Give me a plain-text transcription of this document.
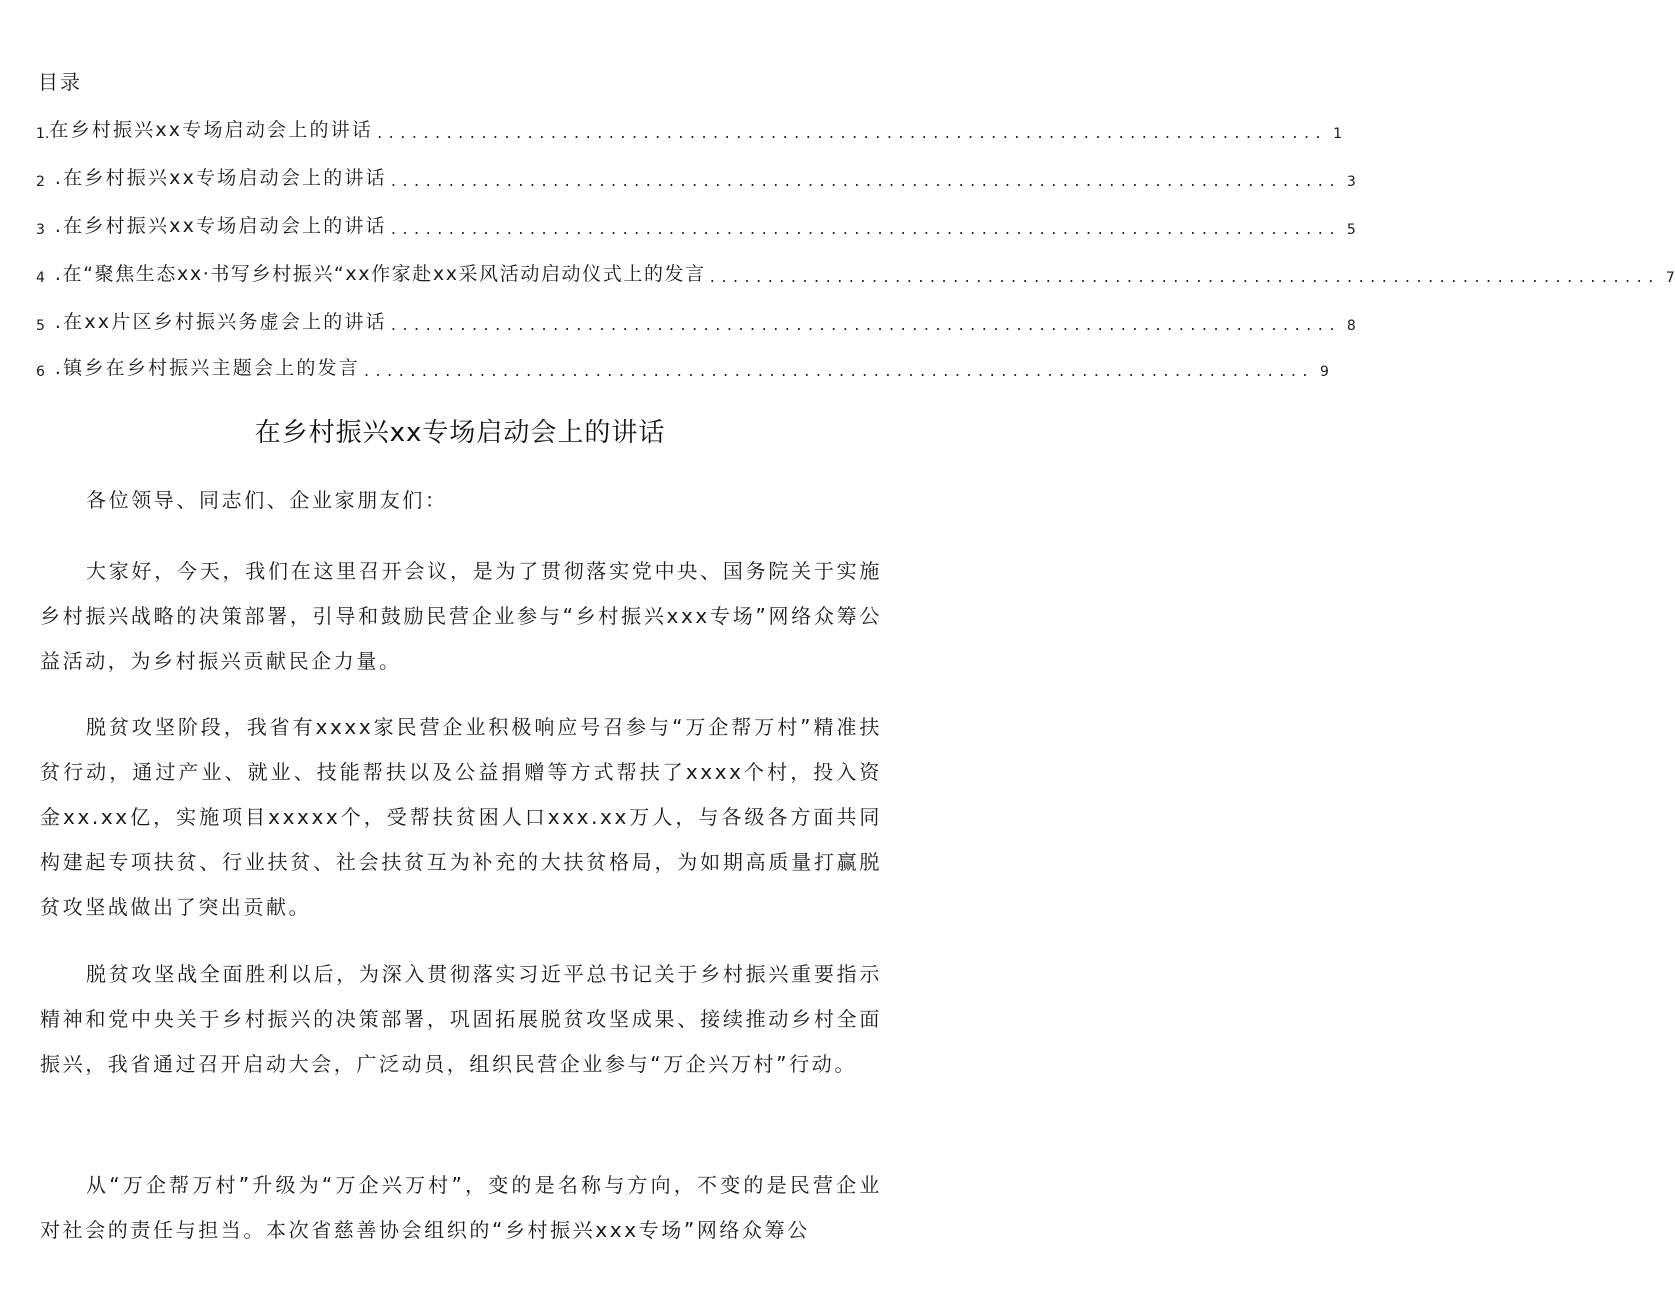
目录
1. 在乡村振兴xx专场启动会上的讲话 .................................................................................. 1
2 .在乡村振兴xx专场启动会上的讲话 .................................................................................. 3
3 .在乡村振兴xx专场启动会上的讲话 .................................................................................. 5
4 .在“聚焦生态xx·书写乡村振兴“xx作家赴xx采风活动启动仪式上的发言 .................................................................................. 7
5 .在xx片区乡村振兴务虚会上的讲话 .................................................................................. 8
6 .镇乡在乡村振兴主题会上的发言 .................................................................................. 9
在乡村振兴xx专场启动会上的讲话

各位领导、同志们、企业家朋友们：

大家好，今天，我们在这里召开会议，是为了贯彻落实党中央、国务院关于实施乡村振兴战略的决策部署，引导和鼓励民营企业参与“乡村振兴xxx专场”网络众筹公益活动，为乡村振兴贡献民企力量。

脱贫攻坚阶段，我省有xxxx家民营企业积极响应号召参与“万企帮万村”精准扶贫行动，通过产业、就业、技能帮扶以及公益捐赠等方式帮扶了xxxx个村，投入资金xx.xx亿，实施项目xxxxx个，受帮扶贫困人口xxx.xx万人，与各级各方面共同构建起专项扶贫、行业扶贫、社会扶贫互为补充的大扶贫格局，为如期高质量打赢脱贫攻坚战做出了突出贡献。

脱贫攻坚战全面胜利以后，为深入贯彻落实习近平总书记关于乡村振兴重要指示精神和党中央关于乡村振兴的决策部署，巩固拓展脱贫攻坚成果、接续推动乡村全面振兴，我省通过召开启动大会，广泛动员，组织民营企业参与“万企兴万村”行动。

从“万企帮万村”升级为“万企兴万村”，变的是名称与方向，不变的是民营企业对社会的责任与担当。本次省慈善协会组织的“乡村振兴xxx专场”网络众筹公
